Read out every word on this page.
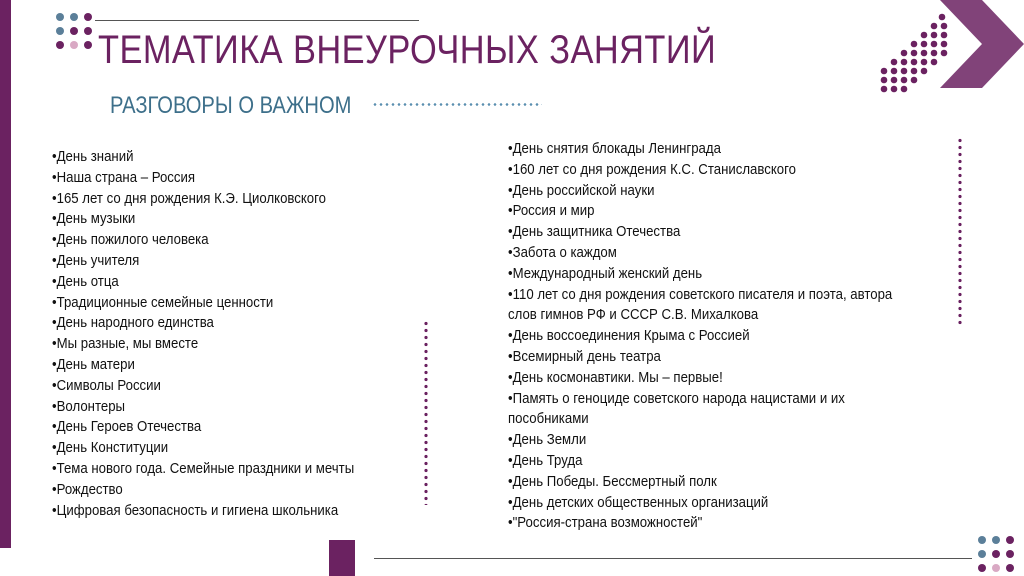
ТЕМАТИКА ВНЕУРОЧНЫХ ЗАНЯТИЙ
РАЗГОВОРЫ О ВАЖНОМ
•День знаний
•Наша страна – Россия
•165 лет со дня рождения К.Э. Циолковского
•День музыки
•День пожилого человека
•День учителя
•День отца
•Традиционные семейные ценности
•День народного единства
•Мы разные, мы вместе
•День матери
•Символы России
•Волонтеры
•День Героев Отечества
•День Конституции
•Тема нового года. Семейные праздники и мечты
•Рождество
•Цифровая безопасность и гигиена школьника
•День снятия блокады Ленинграда
•160 лет со дня рождения К.С. Станиславского
•День российской науки
•Россия и мир
•День защитника Отечества
•Забота о каждом
•Международный женский день
•110 лет со дня рождения советского писателя и поэта, автора
слов гимнов РФ и СССР С.В. Михалкова
•День воссоединения Крыма с Россией
•Всемирный день театра
•День космонавтики. Мы – первые!
•Память о геноциде советского народа нацистами и их
пособниками
•День Земли
•День Труда
•День Победы. Бессмертный полк
•День детских общественных организаций
•"Россия-страна возможностей"
